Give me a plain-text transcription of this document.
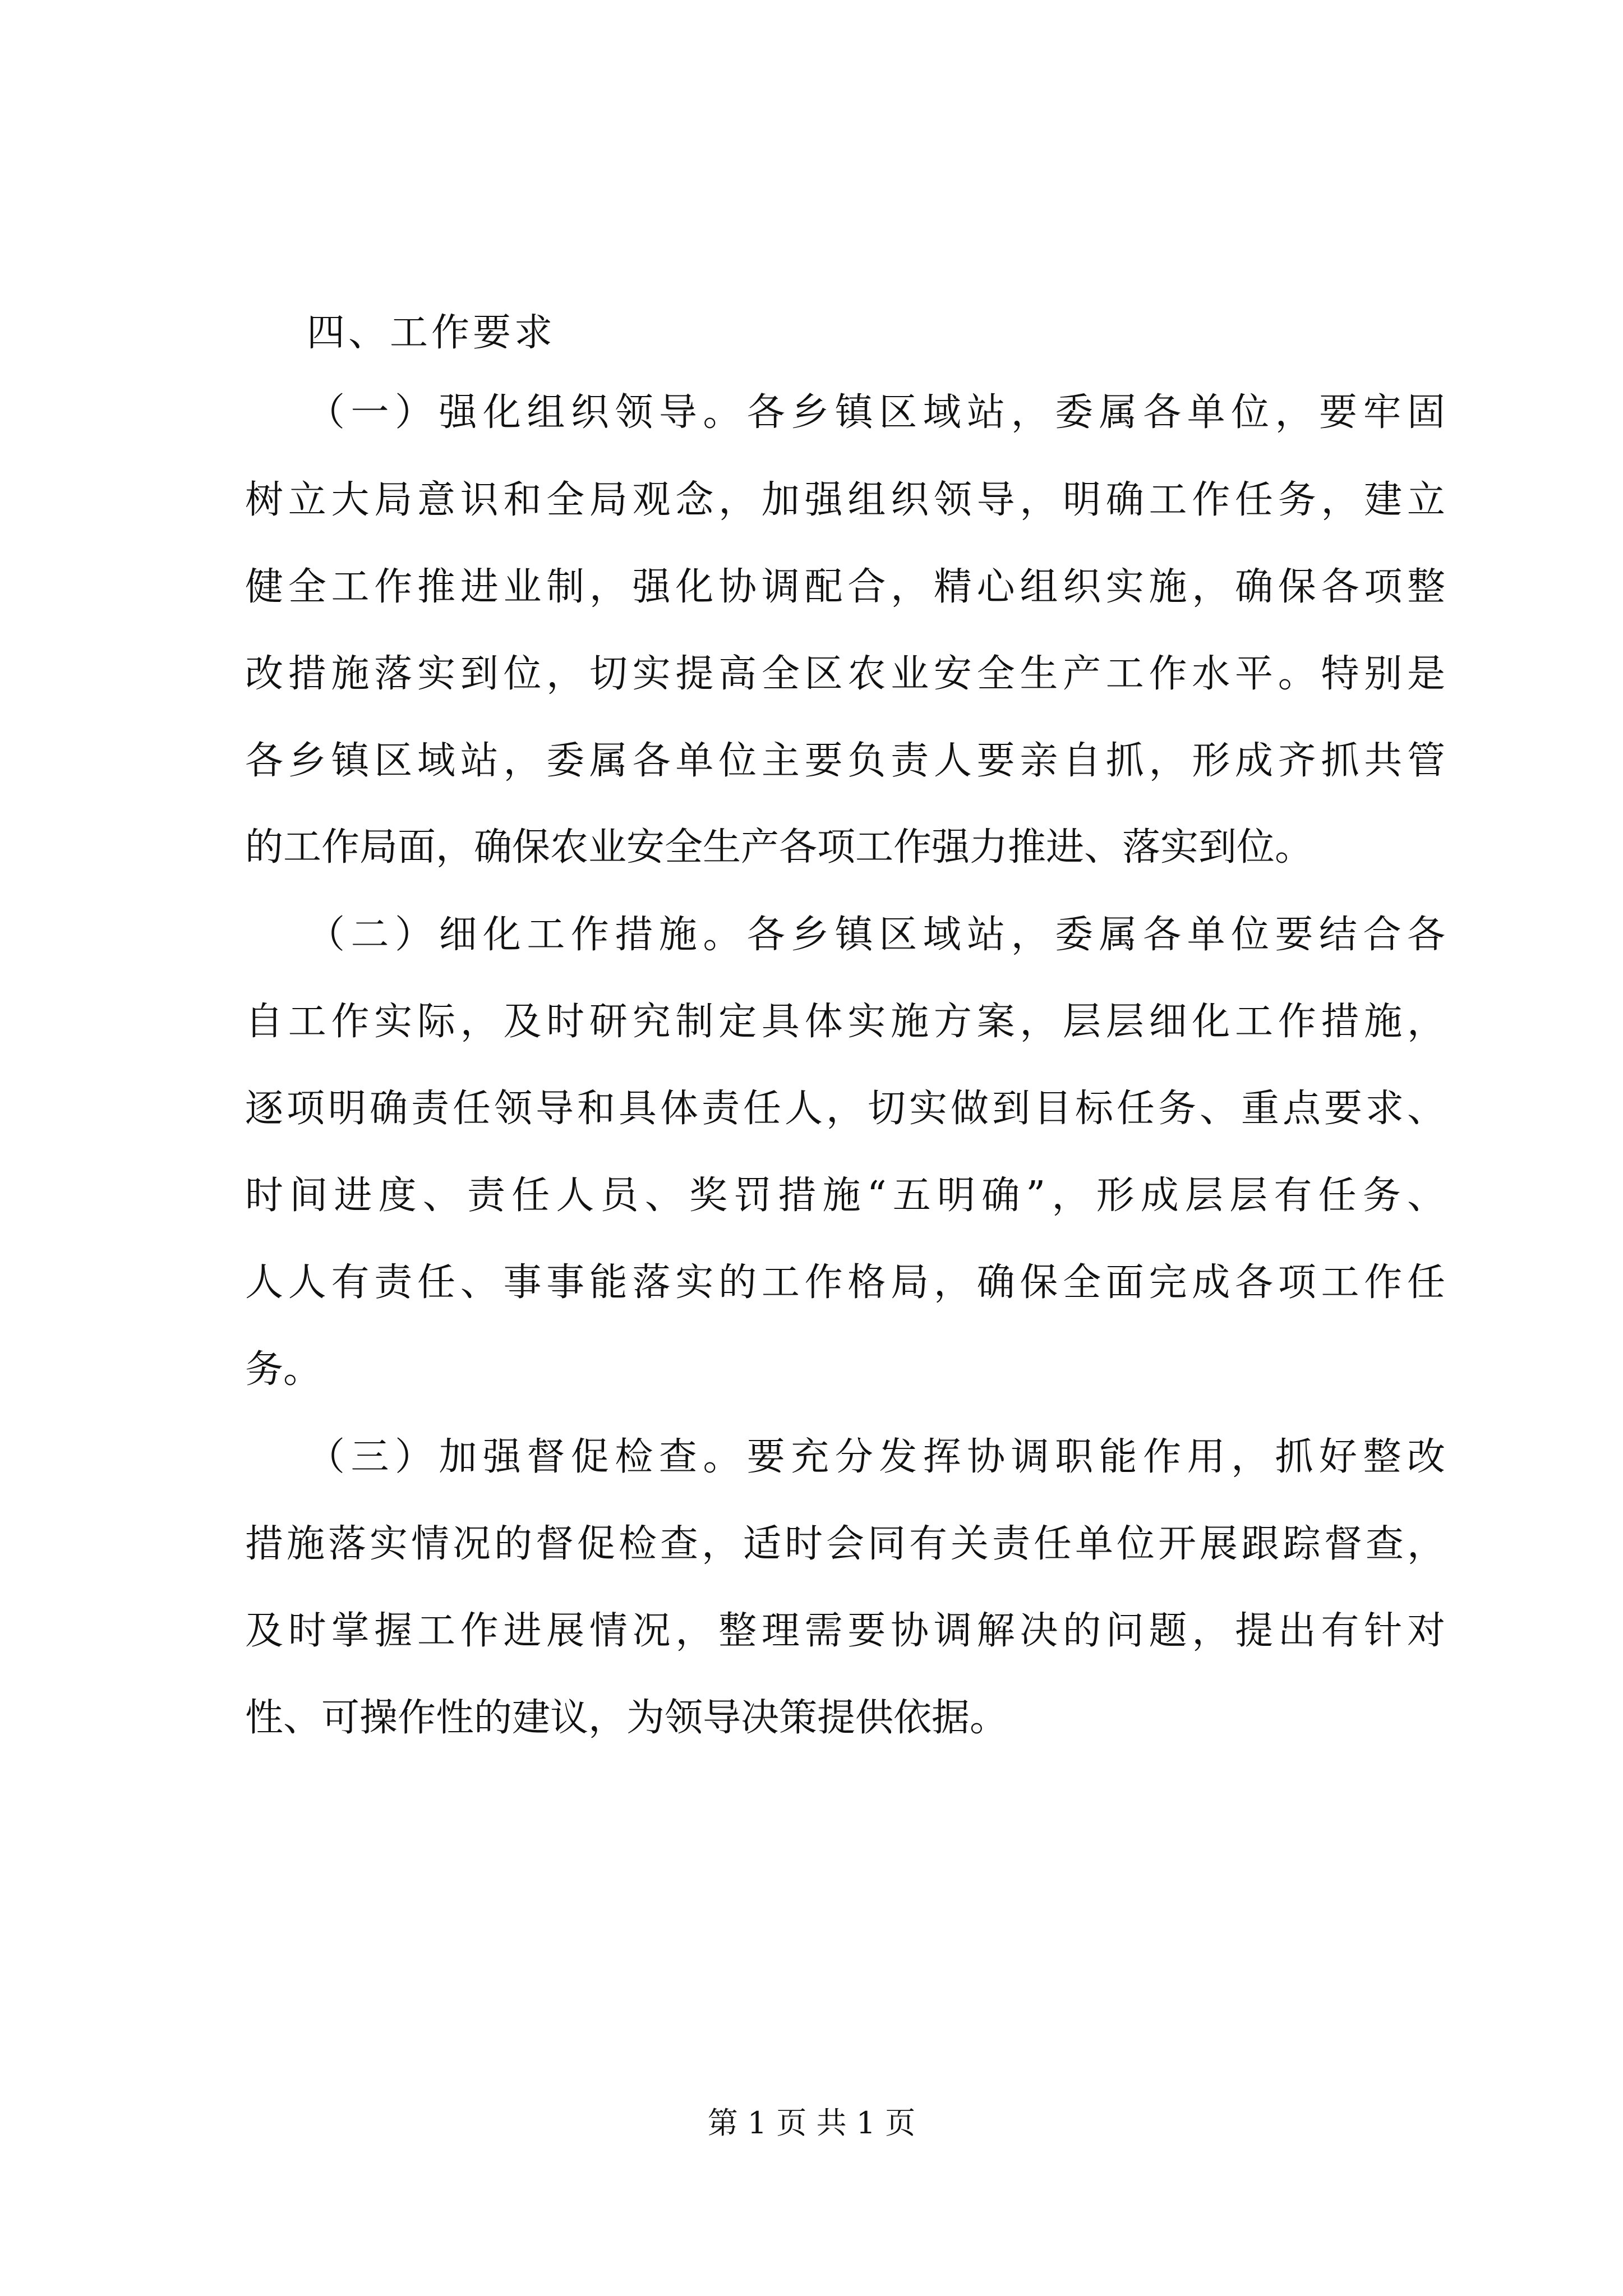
四、工作要求
（一）强化组织领导。各乡镇区域站，委属各单位，要牢固
树立大局意识和全局观念，加强组织领导，明确工作任务，建立
健全工作推进业制，强化协调配合，精心组织实施，确保各项整
改措施落实到位，切实提高全区农业安全生产工作水平。特别是
各乡镇区域站，委属各单位主要负责人要亲自抓，形成齐抓共管
的工作局面，确保农业安全生产各项工作强力推进、落实到位。
（二）细化工作措施。各乡镇区域站，委属各单位要结合各
自工作实际，及时研究制定具体实施方案，层层细化工作措施，
逐项明确责任领导和具体责任人，切实做到目标任务、重点要求、
时间进度、责任人员、奖罚措施“五明确”，形成层层有任务、
人人有责任、事事能落实的工作格局，确保全面完成各项工作任
务。
（三）加强督促检查。要充分发挥协调职能作用，抓好整改
措施落实情况的督促检查，适时会同有关责任单位开展跟踪督查，
及时掌握工作进展情况，整理需要协调解决的问题，提出有针对
性、可操作性的建议，为领导决策提供依据。
第 1 页 共 1 页
